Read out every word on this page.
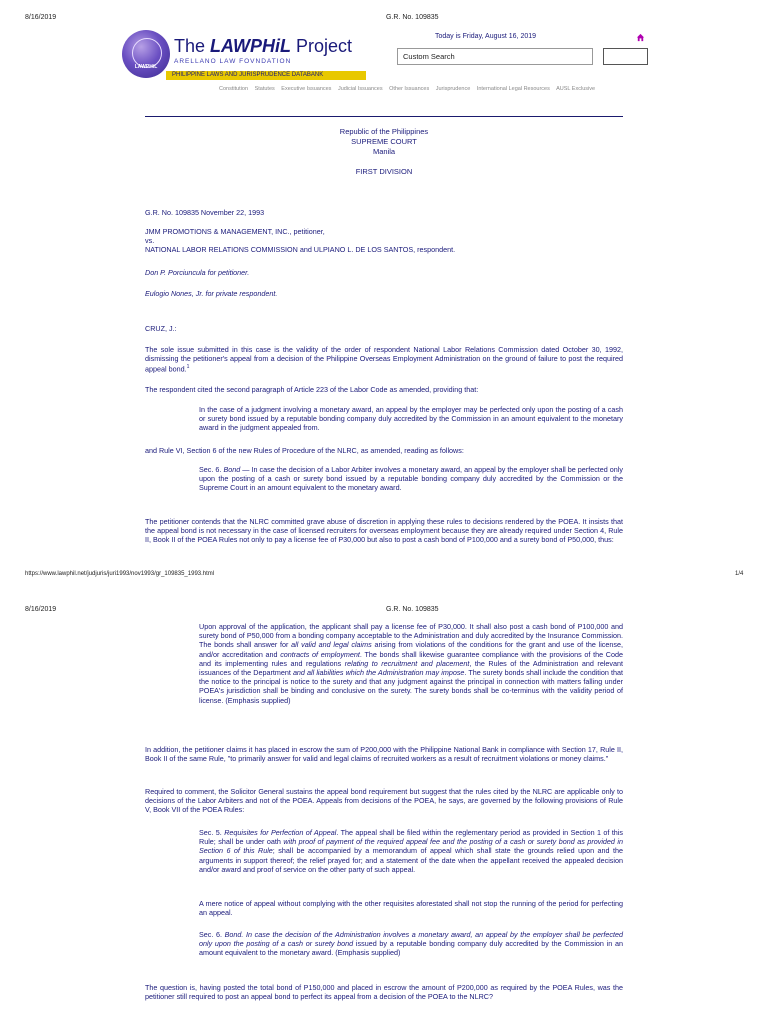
8/16/2019	G.R. No. 109835
LAWPHiL
The LAWPHiL Project
ARELLANO LAW FOVNDATION
PHILIPPINE LAWS AND JURISPRUDENCE DATABANK
Today is Friday, August 16, 2019
Custom Search
Constitution Statutes Executive Issuances Judicial Issuances Other Issuances Jurisprudence International Legal Resources AUSL Exclusive
Republic of the Philippines
SUPREME COURT
Manila
FIRST DIVISION
G.R. No. 109835 November 22, 1993
JMM PROMOTIONS & MANAGEMENT, INC., petitioner,
vs.
NATIONAL LABOR RELATIONS COMMISSION and ULPIANO L. DE LOS SANTOS, respondent.
Don P. Porciuncula for petitioner.
Eulogio Nones, Jr. for private respondent.
CRUZ, J.:
The sole issue submitted in this case is the validity of the order of respondent National Labor Relations Commission dated October 30, 1992, dismissing the petitioner's appeal from a decision of the Philippine Overseas Employment Administration on the ground of failure to post the required appeal bond.$^1$
The respondent cited the second paragraph of Article 223 of the Labor Code as amended, providing that:
In the case of a judgment involving a monetary award, an appeal by the employer may be perfected only upon the posting of a cash or surety bond issued by a reputable bonding company duly accredited by the Commission in an amount equivalent to the monetary award in the judgment appealed from.
and Rule VI, Section 6 of the new Rules of Procedure of the NLRC, as amended, reading as follows:
Sec. 6. Bond — In case the decision of a Labor Arbiter involves a monetary award, an appeal by the employer shall be perfected only upon the posting of a cash or surety bond issued by a reputable bonding company duly accredited by the Commission or the Supreme Court in an amount equivalent to the monetary award.
The petitioner contends that the NLRC committed grave abuse of discretion in applying these rules to decisions rendered by the POEA. It insists that the appeal bond is not necessary in the case of licensed recruiters for overseas employment because they are already required under Section 4, Rule II, Book II of the POEA Rules not only to pay a license fee of P30,000 but also to post a cash bond of P100,000 and a surety bond of P50,000, thus:
https://www.lawphil.net/judjuris/juri1993/nov1993/gr_109835_1993.html	1/4
8/16/2019	G.R. No. 109835
Upon approval of the application, the applicant shall pay a license fee of P30,000. It shall also post a cash bond of P100,000 and surety bond of P50,000 from a bonding company acceptable to the Administration and duly accredited by the Insurance Commission. The bonds shall answer for all valid and legal claims arising from violations of the conditions for the grant and use of the license, and/or accreditation and contracts of employment. The bonds shall likewise guarantee compliance with the provisions of the Code and its implementing rules and regulations relating to recruitment and placement, the Rules of the Administration and relevant issuances of the Department and all liabilities which the Administration may impose. The surety bonds shall include the condition that the notice to the principal is notice to the surety and that any judgment against the principal in connection with matters falling under POEA's jurisdiction shall be binding and conclusive on the surety. The surety bonds shall be co-terminus with the validity period of license. (Emphasis supplied)
In addition, the petitioner claims it has placed in escrow the sum of P200,000 with the Philippine National Bank in compliance with Section 17, Rule II, Book II of the same Rule, "to primarily answer for valid and legal claims of recruited workers as a result of recruitment violations or money claims."
Required to comment, the Solicitor General sustains the appeal bond requirement but suggest that the rules cited by the NLRC are applicable only to decisions of the Labor Arbiters and not of the POEA. Appeals from decisions of the POEA, he says, are governed by the following provisions of Rule V, Book VII of the POEA Rules:
Sec. 5. Requisites for Perfection of Appeal. The appeal shall be filed within the reglementary period as provided in Section 1 of this Rule; shall be under oath with proof of payment of the required appeal fee and the posting of a cash or surety bond as provided in Section 6 of this Rule; shall be accompanied by a memorandum of appeal which shall state the grounds relied upon and the arguments in support thereof; the relief prayed for; and a statement of the date when the appellant received the appealed decision and/or award and proof of service on the other party of such appeal.
A mere notice of appeal without complying with the other requisites aforestated shall not stop the running of the period for perfecting an appeal.
Sec. 6. Bond. In case the decision of the Administration involves a monetary award, an appeal by the employer shall be perfected only upon the posting of a cash or surety bond issued by a reputable bonding company duly accredited by the Commission in an amount equivalent to the monetary award. (Emphasis supplied)
The question is, having posted the total bond of P150,000 and placed in escrow the amount of P200,000 as required by the POEA Rules, was the petitioner still required to post an appeal bond to perfect its appeal from a decision of the POEA to the NLRC?
